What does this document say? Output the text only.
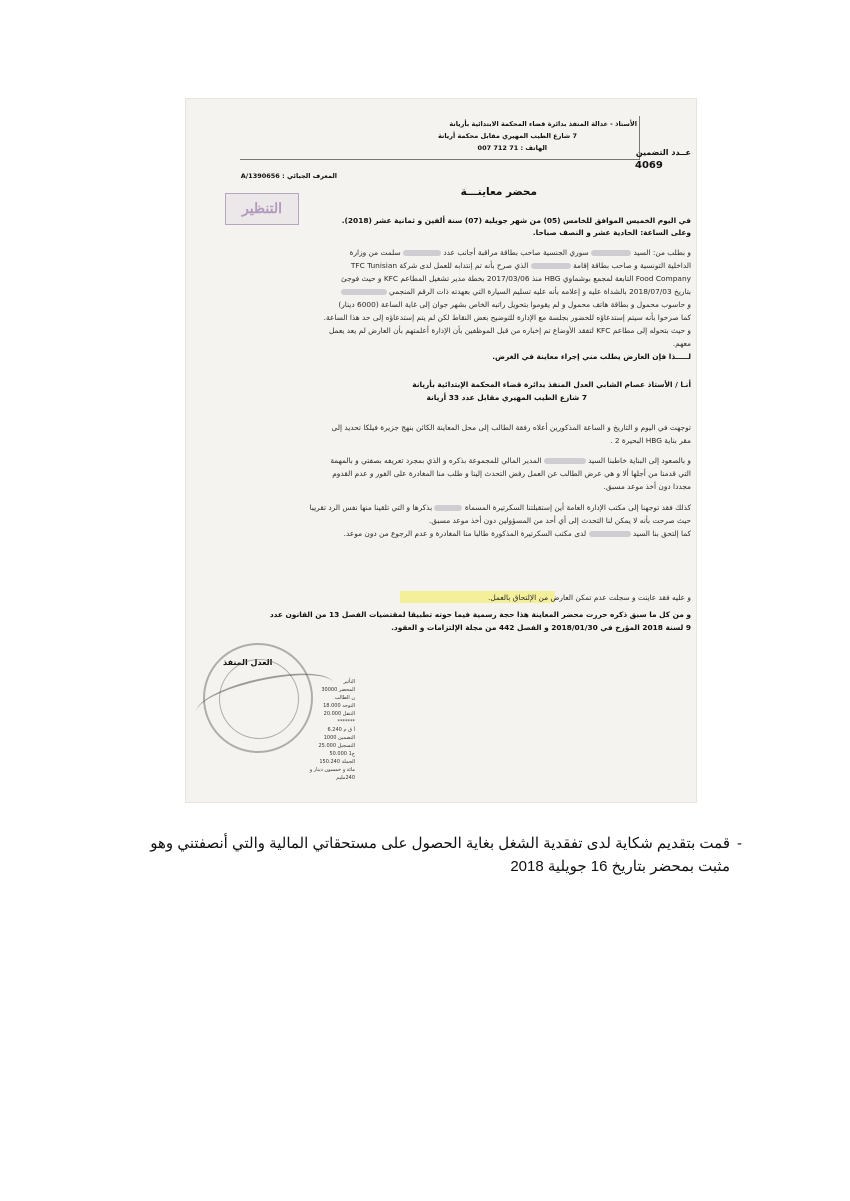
الأستاذ - عدالة المنفذ بدائرة قضاء المحكمة الابتدائية بأريانة
7 شارع الطيب المهيري مقابل محكمة أريانة
الهاتف : 71 712 007	عــدد التضمين
4069
المعرف الجبائي : 1390656/A
محضر معاينـــة
التنظير
في اليوم الخميس الموافق للخامس (05) من شهر جويلية (07) سنة ألفين و ثمانية عشر (2018).
وعلى الساعة: الحادية عشر و النصف صباحا.
و بطلب من: السيد  سوري الجنسية صاحب بطاقة مراقبة أجانب عدد  سلمت من وزارة
الداخلية التونسية و صاحب بطاقة إقامة  الذي صرح بأنه تم إنتدابه للعمل لدى شركة TFC Tunisian
Food Company التابعة لمجمع بوشماوي HBG منذ 2017/03/06 بخطة مدير تشغيل المطاعم KFC و حيث فوجئ
بتاريخ 2018/07/03 بالشداة عليه و إعلامه بأنه عليه تسليم السيارة التي بعهدته ذات الرقم المنجمي
و حاسوب محمول و بطاقة هاتف محمول و لم يقوموا بتحويل راتبه الخاص بشهر جوان إلى غاية الساعة (6000 دينار)
كما صرحوا بأنه سيتم إستدعاؤه للحضور بجلسة مع الإدارة للتوضيح بعض النقاط لكن لم يتم إستدعاؤه إلى حد هذا الساعة.
و حيث بتحوله إلى مطاعم KFC لتفقد الأوضاع تم إخباره من قبل الموظفين بأن الإدارة أعلمتهم بأن العارض لم يعد يعمل
معهم.
لـــــذا فإن العارض يطلب مني إجراء معاينة في الغرض.
أنـا / الأستاذ عصام الشابي العدل المنفذ بدائرة قضاء المحكمة الإبتدائية بأريانة
7 شارع الطيب المهيري مقابل عدد 33 أريانة
توجهت في اليوم و التاريخ و الساعة المذكورين أعلاه رفقة الطالب إلى محل المعاينة الكائن بنهج جزيرة فيلكا تحديد إلى
مقر بناية HBG البحيرة 2 .
و بالصعود إلى البناية خاطبنا السيد  المدير المالي للمجموعة بذكره و الذي بمجرد تعريفه بصفتي و بالمهمة
التي قدمنا من أجلها ألا و هي عرض الطالب عن العمل رفض التحدث إلينا و طلب منا المغادرة على الفور و عدم القدوم
مجددا دون أخذ موعد مسبق.
كذلك فقد توجهنا إلى مكتب الإدارة العامة أين إستقبلتنا السكرتيرة المسماة  بذكرها و التي تلقينا منها نفس الرد تقريبا
حيث صرحت بأنه لا يمكن لنا التحدث إلى أي أحد من المسؤولين دون أخذ موعد مسبق.
كما إلتحق بنا السيد  لدى مكتب السكرتيرة المذكورة طالبا منا المغادرة و عدم الرجوع من دون موعد.
و عليه فقد عاينت و سجلت عدم تمكن العارض من الإلتحاق بالعمل.
و من كل ما سبق ذكره حررت محضر المعاينة هذا حجة رسمية فيما حوته تطبيقا لمقتضيات الفصل 13 من القانون عدد
9 لسنة 2018 المؤرخ في 2018/01/30 و الفصل 442 من مجلة الإلتزامات و العقود.
العدل المنفذ
التأثير
المحضر 30000
ن الطالب
التوجه 18.000
التنقل 20.000
*******
أ ق م 6.240
التضمين 1000
التسجيل 25.000
ج1 50.000
الجملة 150.240
مائة و خمسون دينار و 240مليم
-
قمت بتقديم شكاية لدى تفقدية الشغل بغاية الحصول على مستحقاتي المالية والتي أنصفتني وهو مثبت بمحضر بتاريخ 16 جويلية 2018
